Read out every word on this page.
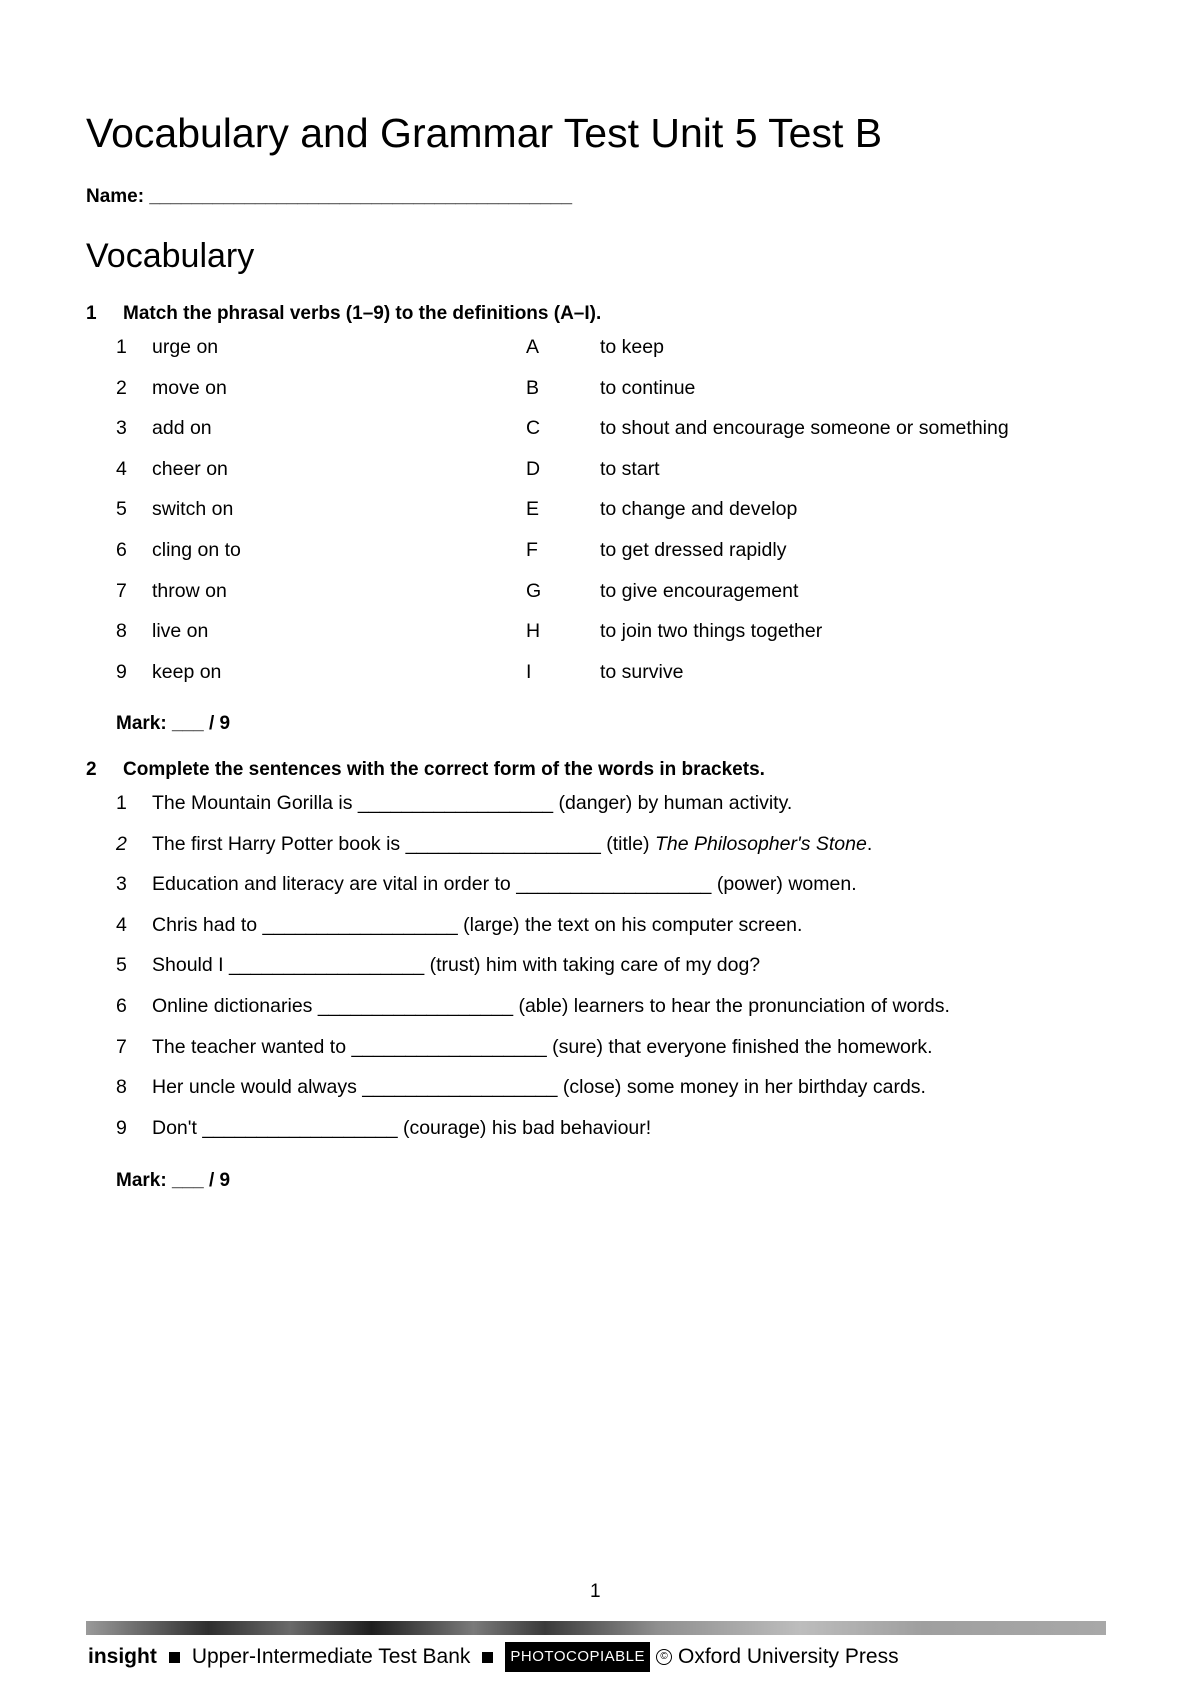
Vocabulary and Grammar Test Unit 5 Test B
Name: ________________________________________
Vocabulary
1 Match the phrasal verbs (1–9) to the definitions (A–I).
1 urge on	A	to keep
2 move on	B	to continue
3 add on	C	to shout and encourage someone or something
4 cheer on	D	to start
5 switch on	E	to change and develop
6 cling on to	F	to get dressed rapidly
7 throw on	G	to give encouragement
8 live on	H	to join two things together
9 keep on	I	to survive
Mark: ___ / 9
2 Complete the sentences with the correct form of the words in brackets.
1 The Mountain Gorilla is __________________ (danger) by human activity.
2 The first Harry Potter book is __________________ (title) The Philosopher's Stone.
3 Education and literacy are vital in order to __________________ (power) women.
4 Chris had to __________________ (large) the text on his computer screen.
5 Should I __________________ (trust) him with taking care of my dog?
6 Online dictionaries __________________ (able) learners to hear the pronunciation of words.
7 The teacher wanted to __________________ (sure) that everyone finished the homework.
8 Her uncle would always __________________ (close) some money in her birthday cards.
9 Don't __________________ (courage) his bad behaviour!
Mark: ___ / 9
1
insight Upper-Intermediate Test Bank	PHOTOCOPIABLE	© Oxford University Press
